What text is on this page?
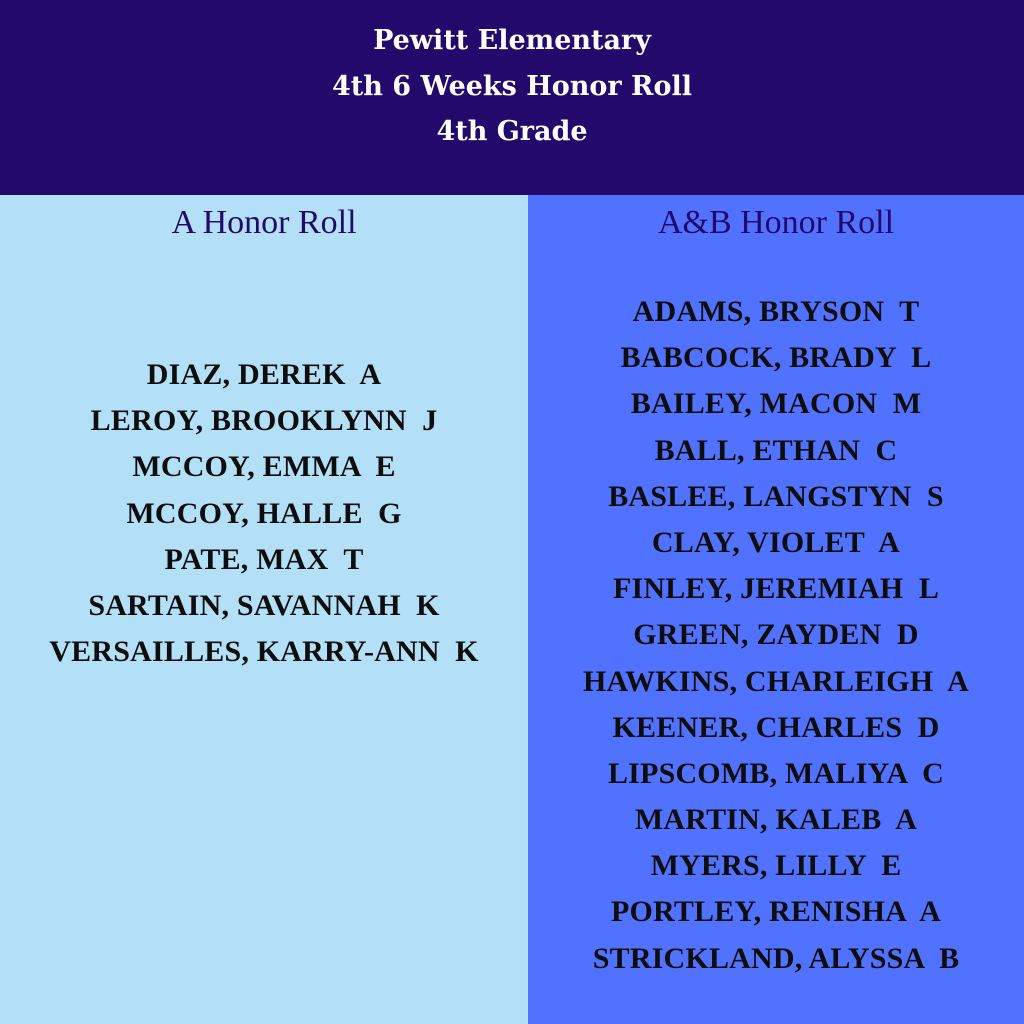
Pewitt Elementary
4th 6 Weeks Honor Roll
4th Grade
A Honor Roll
DIAZ, DEREK  A
LEROY, BROOKLYNN  J
MCCOY, EMMA  E
MCCOY, HALLE  G
PATE, MAX  T
SARTAIN, SAVANNAH  K
VERSAILLES, KARRY-ANN  K
A&B Honor Roll
ADAMS, BRYSON  T
BABCOCK, BRADY  L
BAILEY, MACON  M
BALL, ETHAN  C
BASLEE, LANGSTYN  S
CLAY, VIOLET  A
FINLEY, JEREMIAH  L
GREEN, ZAYDEN  D
HAWKINS, CHARLEIGH  A
KEENER, CHARLES  D
LIPSCOMB, MALIYA  C
MARTIN, KALEB  A
MYERS, LILLY  E
PORTLEY, RENISHA  A
STRICKLAND, ALYSSA  B
